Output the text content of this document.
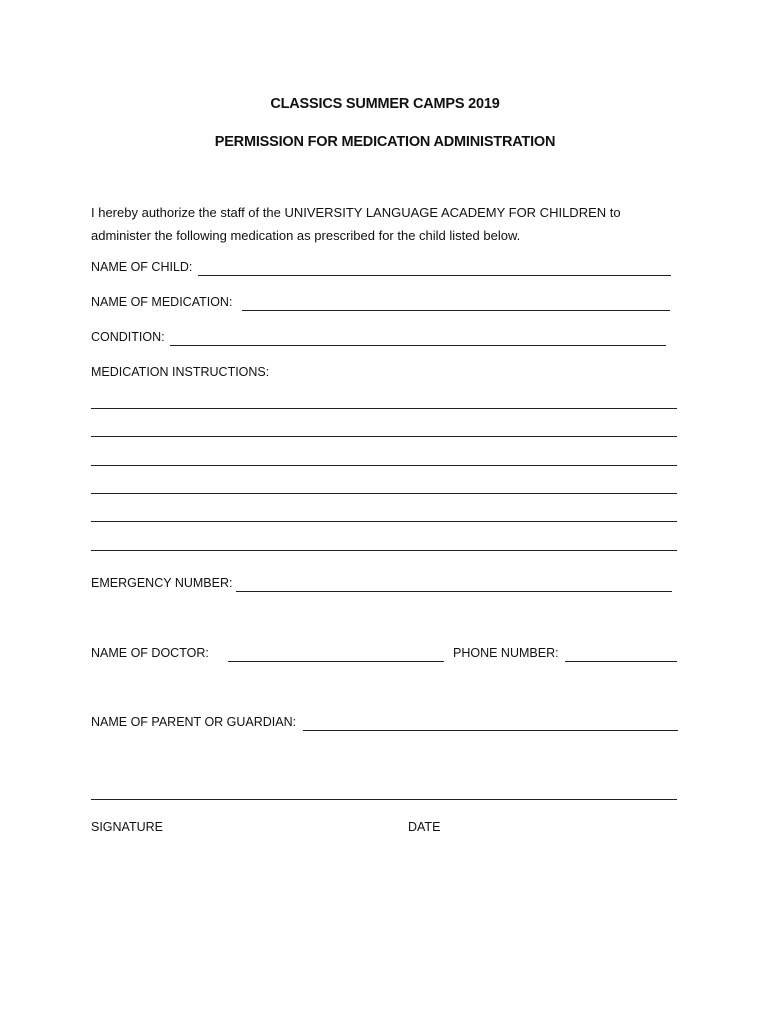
CLASSICS SUMMER CAMPS 2019
PERMISSION FOR MEDICATION ADMINISTRATION
I hereby authorize the staff of the UNIVERSITY LANGUAGE ACADEMY FOR CHILDREN to
administer the following medication as prescribed for the child listed below.
NAME OF CHILD:
NAME OF MEDICATION:
CONDITION:
MEDICATION INSTRUCTIONS:
EMERGENCY NUMBER:
NAME OF DOCTOR:	PHONE NUMBER:
NAME OF PARENT OR GUARDIAN:
SIGNATURE	DATE
